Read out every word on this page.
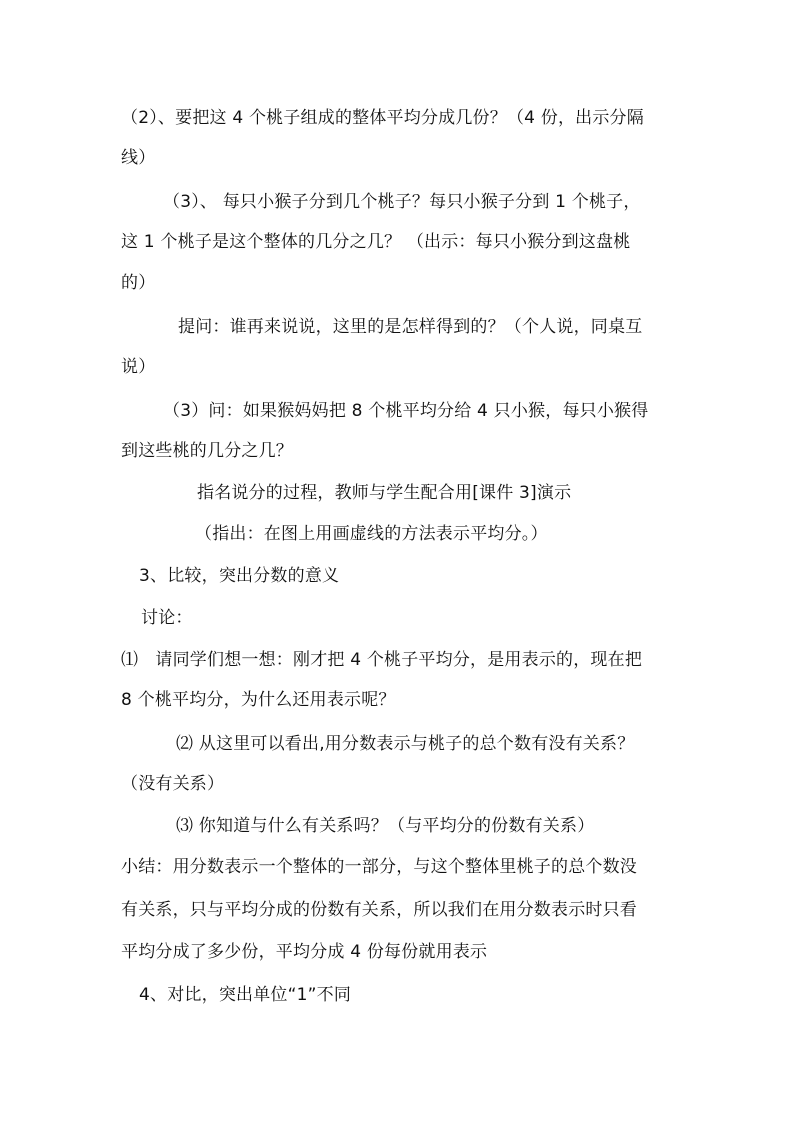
（2）、要把这 4 个桃子组成的整体平均分成几份？（4 份，出示分隔
线）
（3）、 每只小猴子分到几个桃子？每只小猴子分到 1 个桃子，
这 1 个桃子是这个整体的几分之几？ （出示：每只小猴分到这盘桃
的）
提问：谁再来说说，这里的是怎样得到的？（个人说，同桌互
说）
（3）问：如果猴妈妈把 8 个桃平均分给 4 只小猴，每只小猴得
到这些桃的几分之几？
指名说分的过程，教师与学生配合用[课件 3]演示
（指出：在图上用画虚线的方法表示平均分。）
3、比较，突出分数的意义
讨论：
⑴　请同学们想一想：刚才把 4 个桃子平均分，是用表示的，现在把
8 个桃平均分，为什么还用表示呢？
⑵ 从这里可以看出,用分数表示与桃子的总个数有没有关系？
（没有关系）
⑶ 你知道与什么有关系吗？（与平均分的份数有关系）
小结：用分数表示一个整体的一部分，与这个整体里桃子的总个数没
有关系，只与平均分成的份数有关系，所以我们在用分数表示时只看
平均分成了多少份，平均分成 4 份每份就用表示
4、对比，突出单位“1”不同
